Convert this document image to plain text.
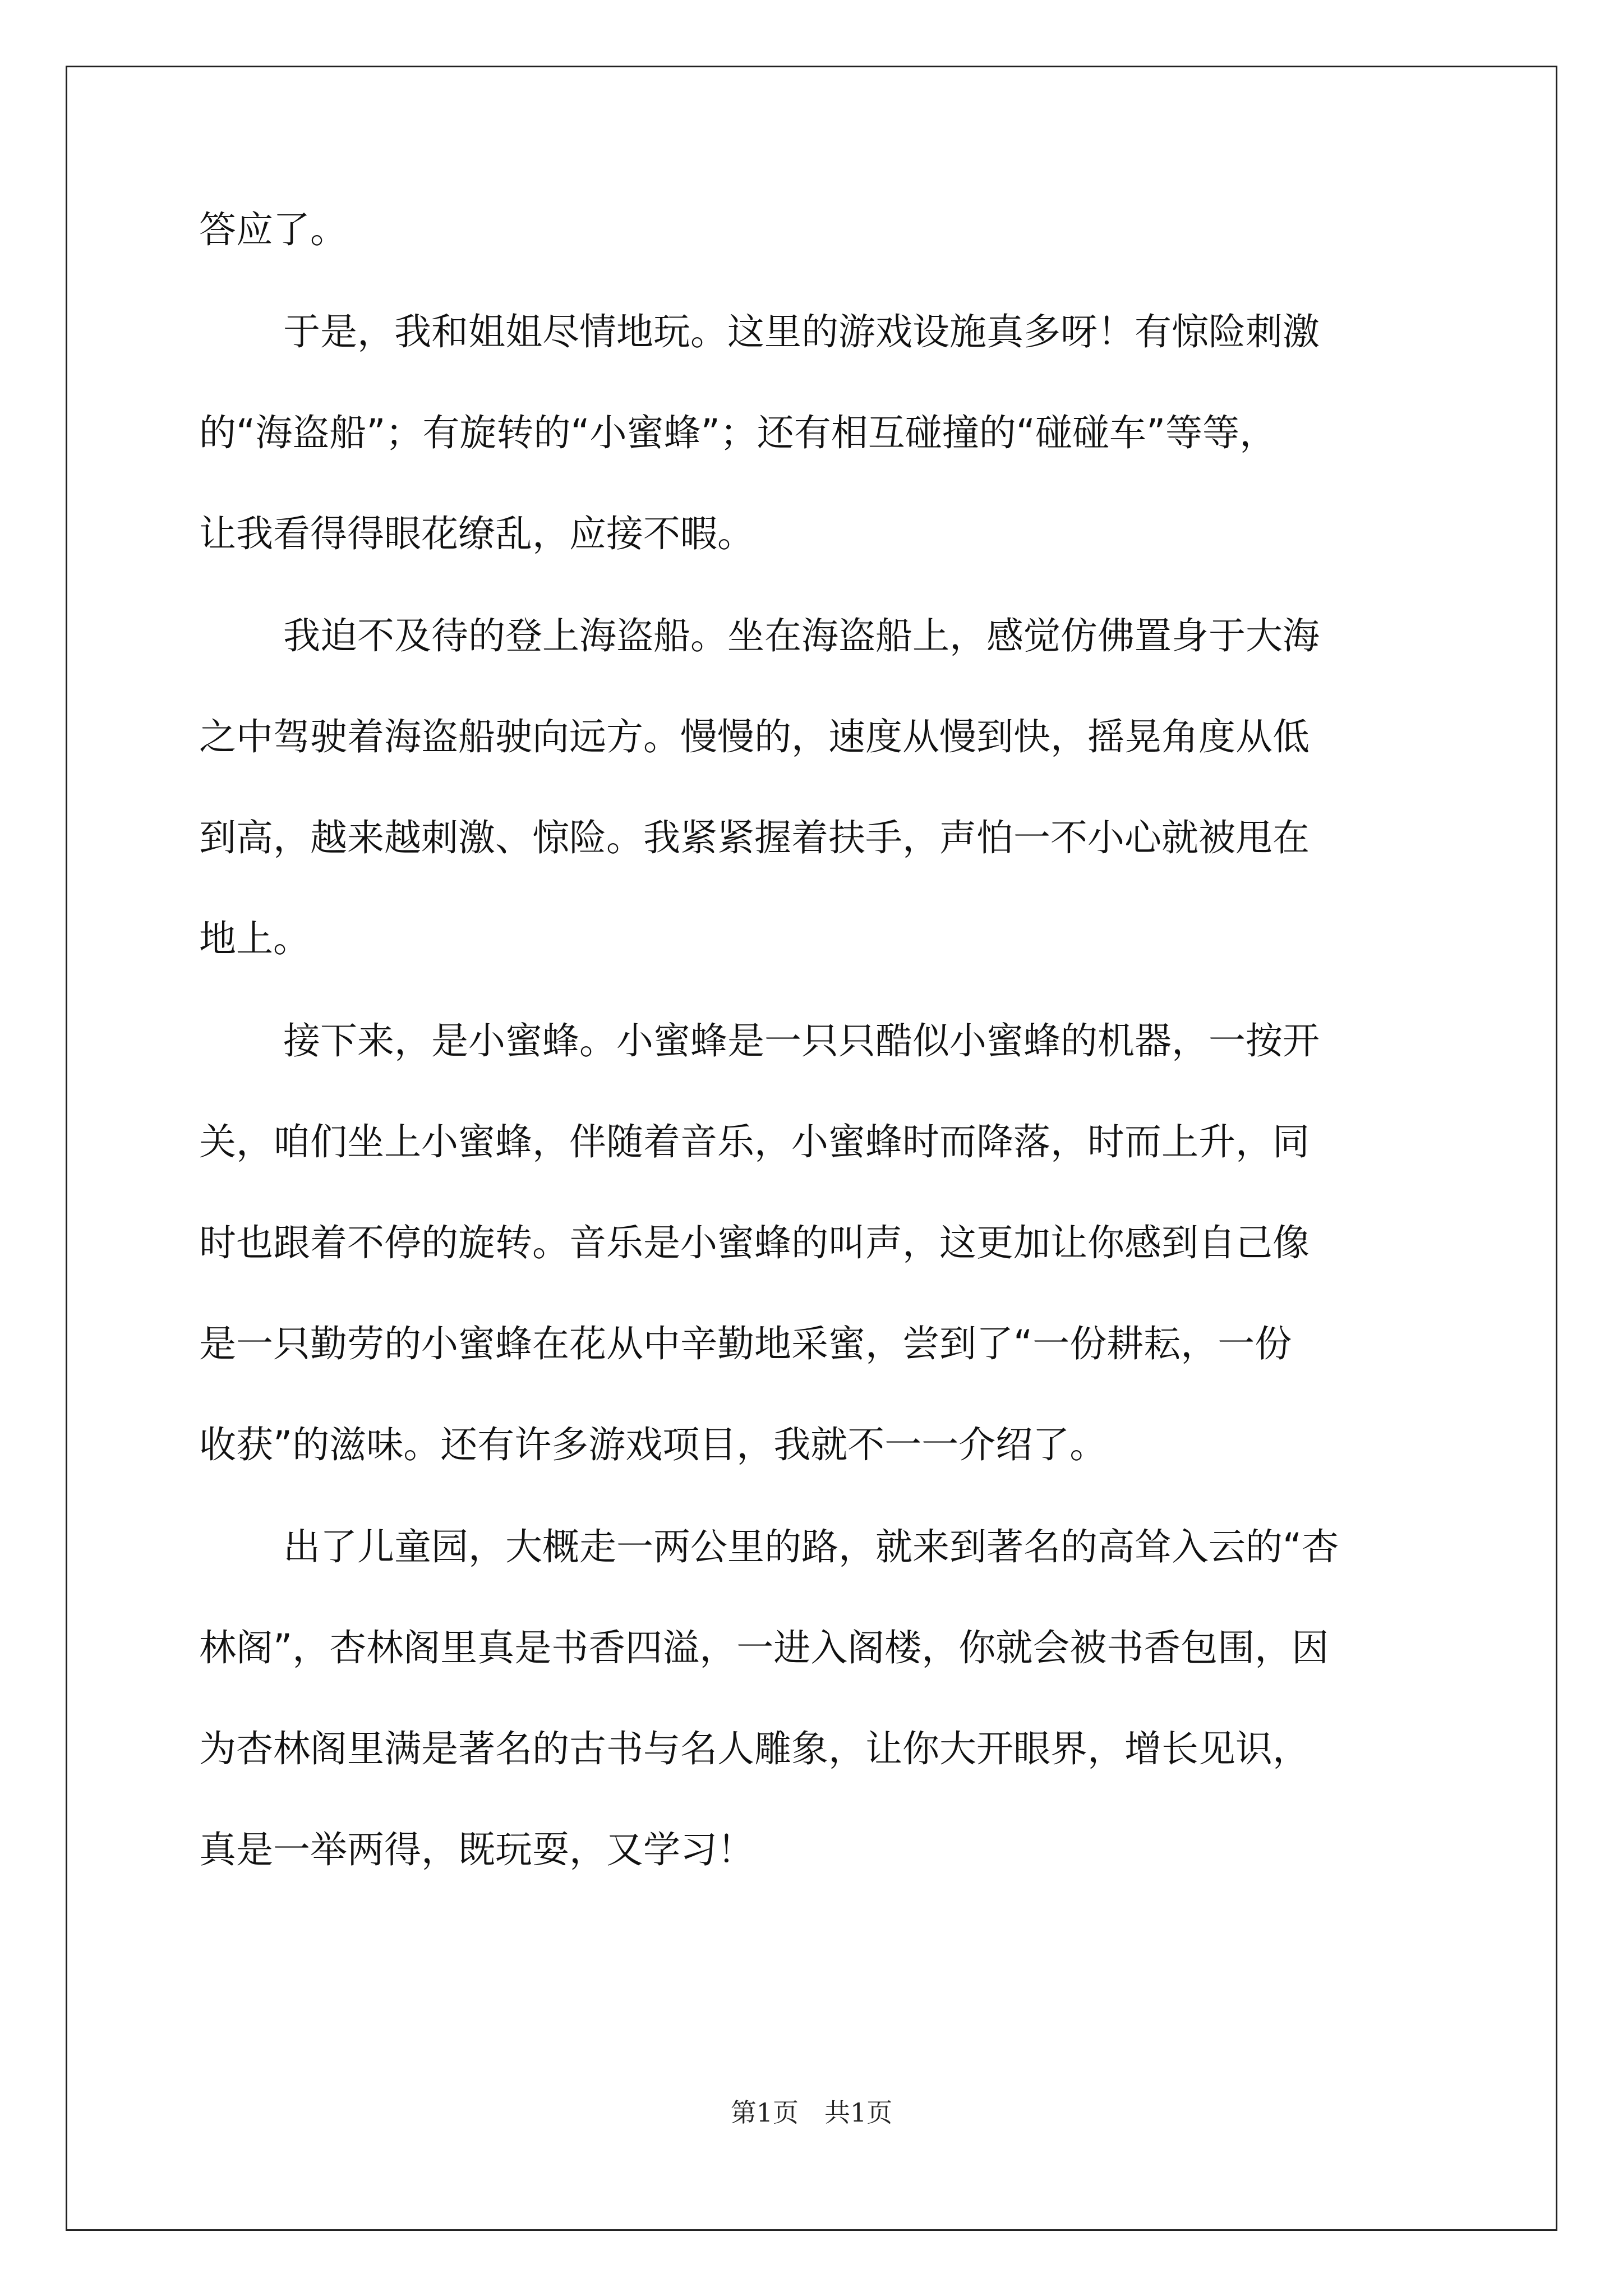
答应了。
于是，我和姐姐尽情地玩。这里的游戏设施真多呀！有惊险刺激
的“海盗船”；有旋转的“小蜜蜂”；还有相互碰撞的“碰碰车”等等，
让我看得得眼花缭乱，应接不暇。
我迫不及待的登上海盗船。坐在海盗船上，感觉仿佛置身于大海
之中驾驶着海盗船驶向远方。慢慢的，速度从慢到快，摇晃角度从低
到高，越来越刺激、惊险。我紧紧握着扶手，声怕一不小心就被甩在
地上。
接下来，是小蜜蜂。小蜜蜂是一只只酷似小蜜蜂的机器，一按开
关，咱们坐上小蜜蜂，伴随着音乐，小蜜蜂时而降落，时而上升，同
时也跟着不停的旋转。音乐是小蜜蜂的叫声，这更加让你感到自己像
是一只勤劳的小蜜蜂在花从中辛勤地采蜜，尝到了“一份耕耘，一份
收获”的滋味。还有许多游戏项目，我就不一一介绍了。
出了儿童园，大概走一两公里的路，就来到著名的高耸入云的“杏
林阁”，杏林阁里真是书香四溢，一进入阁楼，你就会被书香包围，因
为杏林阁里满是著名的古书与名人雕象，让你大开眼界，增长见识，
真是一举两得，既玩耍，又学习！
第1页　共1页
